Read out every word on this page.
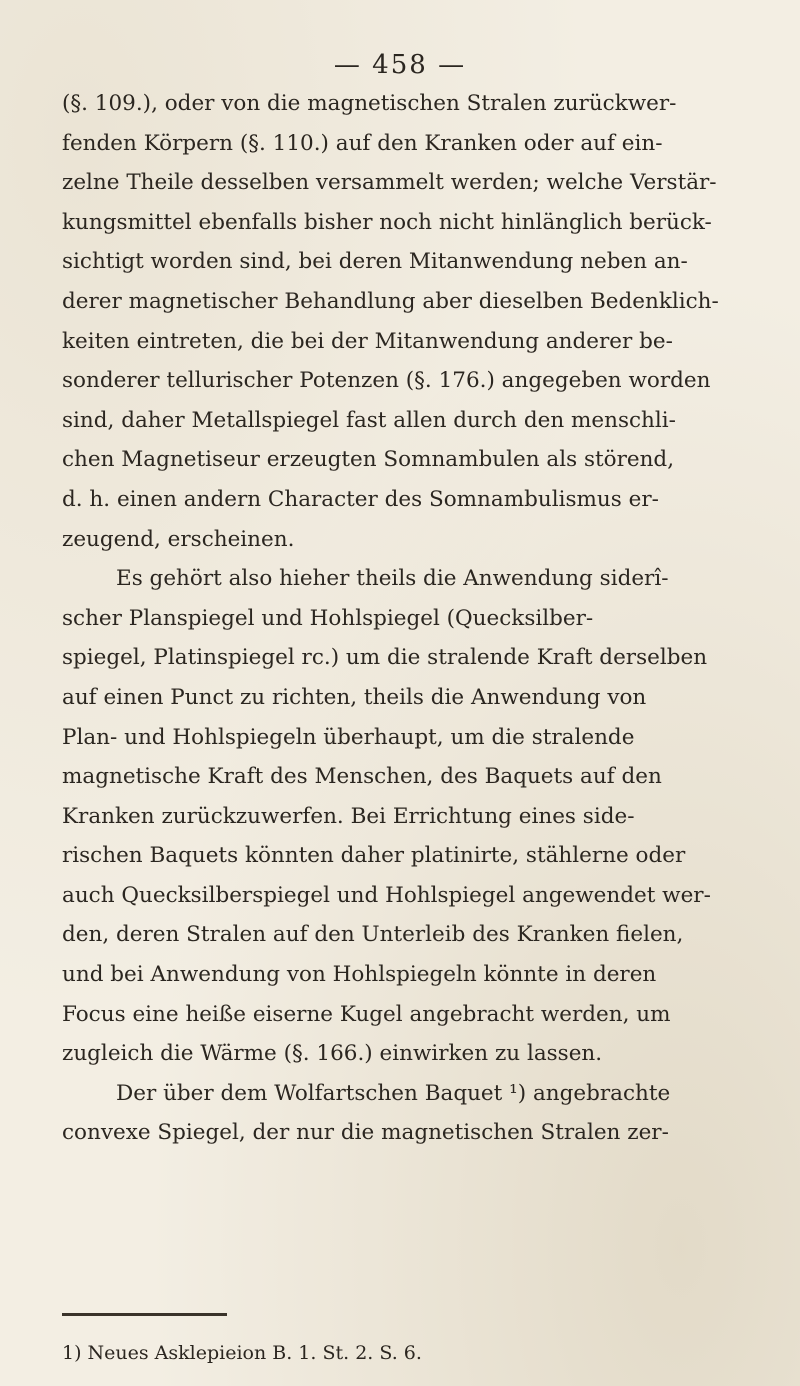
— 458 —
(§. 109.), oder von die magnetischen Stralen zurückwer-
fenden Körpern (§. 110.) auf den Kranken oder auf ein-
zelne Theile desselben versammelt werden; welche Verstär-
kungsmittel ebenfalls bisher noch nicht hinlänglich berück-
sichtigt worden sind, bei deren Mitanwendung neben an-
derer magnetischer Behandlung aber dieselben Bedenklich-
keiten eintreten, die bei der Mitanwendung anderer be-
sonderer tellurischer Potenzen (§. 176.) angegeben worden
sind, daher Metallspiegel fast allen durch den menschli-
chen Magnetiseur erzeugten Somnambulen als störend,
d. h. einen andern Character des Somnambulismus er-
zeugend, erscheinen.
Es gehört also hieher theils die Anwendung siderî-
scher Planspiegel und Hohlspiegel (Quecksilber-
spiegel, Platinspiegel rc.) um die stralende Kraft derselben
auf einen Punct zu richten, theils die Anwendung von
Plan- und Hohlspiegeln überhaupt, um die stralende
magnetische Kraft des Menschen, des Baquets auf den
Kranken zurückzuwerfen. Bei Errichtung eines side-
rischen Baquets könnten daher platinirte, stählerne oder
auch Quecksilberspiegel und Hohlspiegel angewendet wer-
den, deren Stralen auf den Unterleib des Kranken fielen,
und bei Anwendung von Hohlspiegeln könnte in deren
Focus eine heiße eiserne Kugel angebracht werden, um
zugleich die Wärme (§. 166.) einwirken zu lassen.
Der über dem Wolfartschen Baquet ¹) angebrachte
convexe Spiegel, der nur die magnetischen Stralen zer-
1) Neues Asklepieion B. 1. St. 2. S. 6.
